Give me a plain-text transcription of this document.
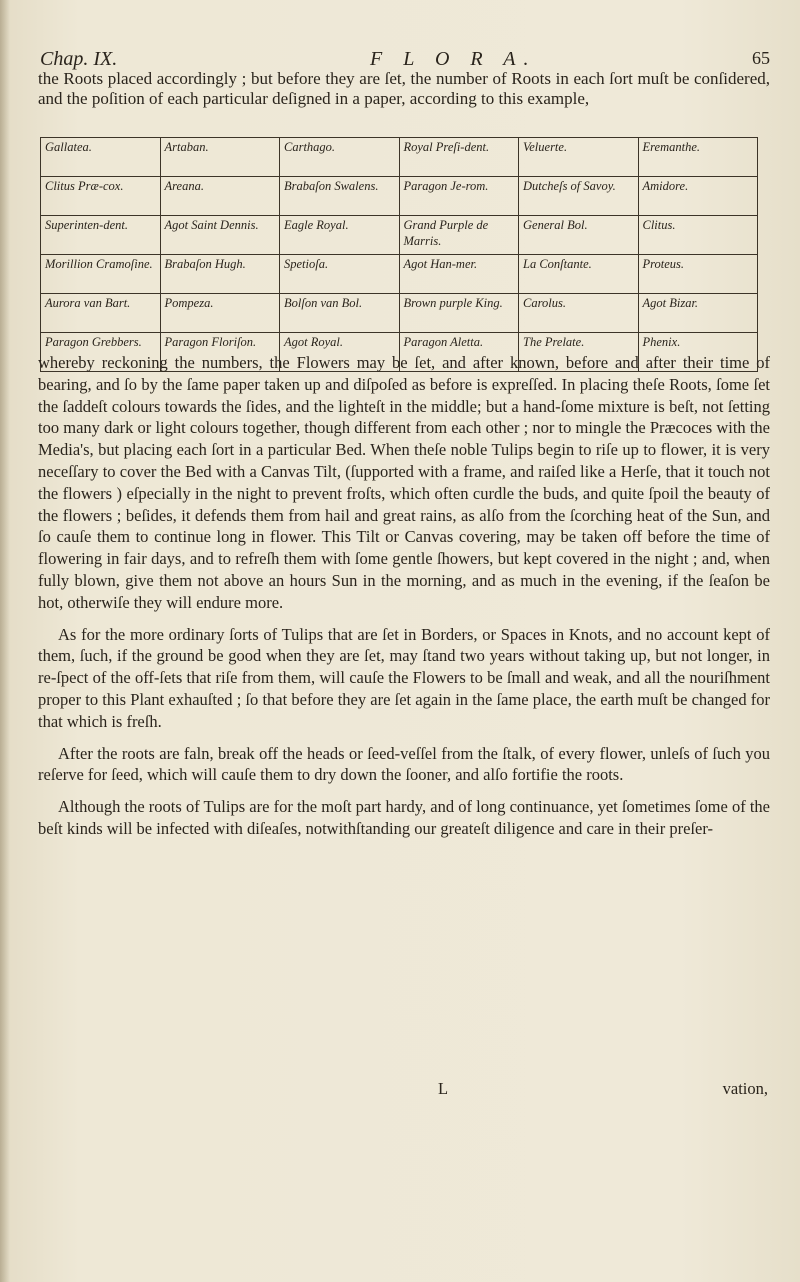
Chap. IX.	F L O R A.	65
the Roots placed accordingly ; but before they are ſet, the number of Roots in each ſort muſt be conſidered, and the poſition of each particular deſigned in a paper, according to this example,
Gallatea.	Artaban.	Carthago.	Royal Preſi-dent.	Veluerte.	Eremanthe.
Clitus Præ-cox.	Areana.	Brabaſon Swalens.	Paragon Je-rom.	Dutcheſs of Savoy.	Amidore.
Superinten-dent.	Agot Saint Dennis.	Eagle Royal.	Grand Purple de Marris.	General Bol.	Clitus.
Morillion Cramoſine.	Brabaſon Hugh.	Spetioſa.	Agot Han-mer.	La Conſtante.	Proteus.
Aurora van Bart.	Pompeza.	Bolſon van Bol.	Brown purple King.	Carolus.	Agot Bizar.
Paragon Grebbers.	Paragon Floriſon.	Agot Royal.	Paragon Aletta.	The Prelate.	Phenix.

whereby reckoning the numbers, the Flowers may be ſet, and after known, before and after their time of bearing, and ſo by the ſame paper taken up and diſpoſed as before is expreſſed. In placing theſe Roots, ſome ſet the ſaddeſt colours towards the ſides, and the lighteſt in the middle; but a hand-ſome mixture is beſt, not ſetting too many dark or light colours together, though different from each other ; nor to mingle the Præcoces with the Media's, but placing each ſort in a particular Bed. When theſe noble Tulips begin to riſe up to flower, it is very neceſſary to cover the Bed with a Canvas Tilt, (ſupported with a frame, and raiſed like a Herſe, that it touch not the flowers ) eſpecially in the night to prevent froſts, which often curdle the buds, and quite ſpoil the beauty of the flowers ; beſides, it defends them from hail and great rains, as alſo from the ſcorching heat of the Sun, and ſo cauſe them to continue long in flower. This Tilt or Canvas covering, may be taken off before the time of flowering in fair days, and to refreſh them with ſome gentle ſhowers, but kept covered in the night ; and, when fully blown, give them not above an hours Sun in the morning, and as much in the evening, if the ſeaſon be hot, otherwiſe they will endure more.

As for the more ordinary ſorts of Tulips that are ſet in Borders, or Spaces in Knots, and no account kept of them, ſuch, if the ground be good when they are ſet, may ſtand two years without taking up, but not longer, in re-ſpect of the off-ſets that riſe from them, will cauſe the Flowers to be ſmall and weak, and all the nouriſhment proper to this Plant exhauſted ; ſo that before they are ſet again in the ſame place, the earth muſt be changed for that which is freſh.

After the roots are faln, break off the heads or ſeed-veſſel from the ſtalk, of every flower, unleſs of ſuch you reſerve for ſeed, which will cauſe them to dry down the ſooner, and alſo fortifie the roots.

Although the roots of Tulips are for the moſt part hardy, and of long continuance, yet ſometimes ſome of the beſt kinds will be infected with diſeaſes, notwithſtanding our greateſt diligence and care in their preſer-

L	vation,
